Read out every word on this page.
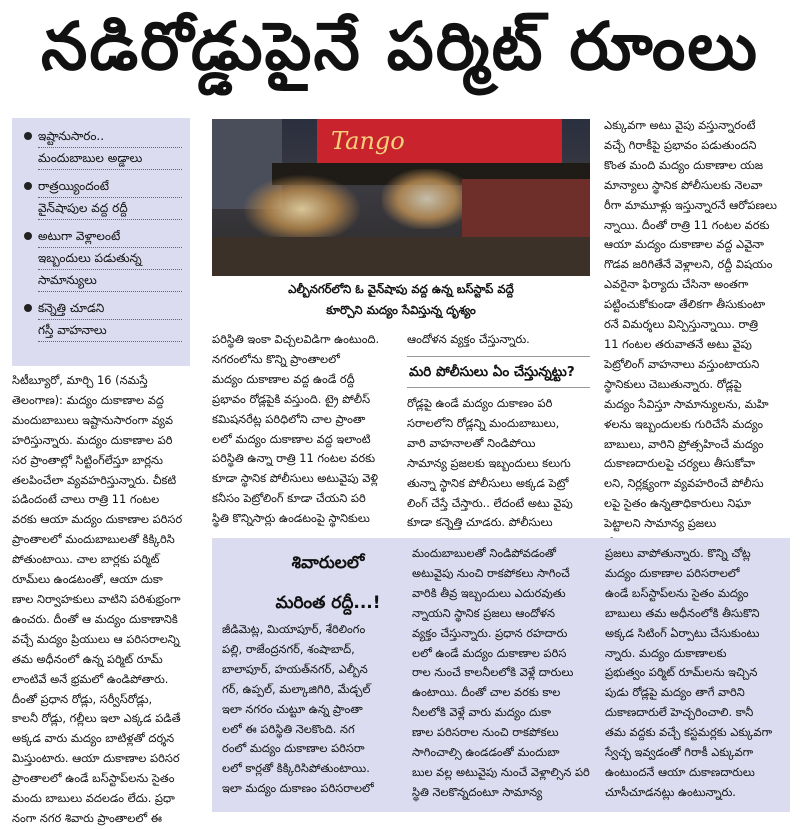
నడిరోడ్డుపైనే పర్మిట్‌ రూంలు
ఇష్టానుసారం..
మందుబాబుల అడ్డాలు
రాత్రయ్యిందంటే
వైన్‌షాపుల వద్ద రద్దీ
అటుగా వెళ్లాలంటే
ఇబ్బందులు పడుతున్న
సామాన్యులు
కన్నెత్తి చూడని
గస్తీ వాహనాలు
Tango
ఎల్బీనగర్‌లోని ఓ వైన్‌షాపు వద్ద ఉన్న బస్‌స్టాప్‌ వద్దే
కూర్చొని మద్యం సేవిస్తున్న దృశ్యం
సిటీబ్యూరో, మార్చి 16 (నమస్తే
తెలంగాణ): మద్యం దుకాణాల వద్ద
మందుబాబులు ఇష్టానుసారంగా వ్యవ
హరిస్తున్నారు. మద్యం దుకాణాల పరి
సర ప్రాంతాల్లో సిట్టింగ్‌లేస్తూ బార్లను
తలపించేలా వ్యవహరిస్తున్నారు. చీకటి
పడిందంటే చాలు రాత్రి 11 గంటల
వరకు ఆయా మద్యం దుకాణాల పరిసర
ప్రాంతాలలో మందుబాబులతో కిక్కిరిసి
పోతుంటాయి. చాల బార్లకు పర్మిట్‌
రూమ్‌లు ఉండటంతో, ఆయా దుకా
ణాల నిర్వాహకులు వాటిని పరిశుభ్రంగా
ఉంచరు. దీంతో ఆ మద్యం దుకాణానికి
వచ్చే మద్యం ప్రియులు ఆ పరిసరాలన్ని
తమ అధీనంలో ఉన్న పర్మిట్‌ రూమ్‌
లాంటివే అనే భ్రమలో ఉండిపోతారు.
దీంతో ప్రధాన రోడ్లు, సర్వీస్‌రోడ్లు,
కాలనీ రోడ్లు, గల్లీలు ఇలా ఎక్కడ పడితే
అక్కడ వారు మద్యం బాటిళ్లతో దర్శన
మిస్తుంటారు. ఆయా దుకాణాల పరిసర
ప్రాంతాలలో ఉండే బస్‌స్టాప్‌లను సైతం
మందు బాబులు వదలడం లేదు. ప్రధా
నంగా నగర శివారు ప్రాంతాలలో ఈ
పరిస్థితి ఇంకా విచ్చలవిడిగా ఉంటుంది.
నగరంలోను కొన్ని ప్రాంతాలలో
మద్యం దుకాణాల వద్ద ఉండే రద్దీ
ప్రభావం రోడ్లపైకి వస్తుంది. ట్రై పోలీస్‌
కమిషనరేట్ల పరిధిలోని చాల ప్రాంతా
లలో మద్యం దుకాణాల వద్ద ఇలాంటి
పరిస్థితి ఉన్నా రాత్రి 11 గంటల వరకు
కూడా స్థానిక పోలీసులు అటువైపు వెళ్లి
కనీసం పెట్రోలింగ్‌ కూడా చేయని పరి
స్థితి కొన్నిసార్లు ఉండటంపై స్థానికులు
ఆందోళన వ్యక్తం చేస్తున్నారు.
మరి పోలీసులు ఏం చేస్తున్నట్టు?
రోడ్లపై ఉండే మద్యం దుకాణం పరి
సరాలలోని రోడ్లన్ని మందుబాబులు,
వారి వాహనాలతో నిండిపోయి
సామాన్య ప్రజలకు ఇబ్బందులు కలుగు
తున్నా స్థానిక పోలీసులు అక్కడ పెట్రో
లింగ్‌ చేస్తే చేస్తారు.. లేదంటే అటు వైపు
కూడా కన్నెత్తి చూడరు. పోలీసులు
ఎక్కువగా అటు వైపు వస్తున్నారంటే
వచ్చే గిరాకీపై ప్రభావం పడుతుందని
కొంత మంది మద్యం దుకాణాల యజ
మాన్యాలు స్థానిక పోలీసులకు నెలవా
రీగా మామూళ్లు ఇస్తున్నారనే ఆరోపణలు
న్నాయి. దీంతో రాత్రి 11 గంటల వరకు
ఆయా మద్యం దుకాణాల వద్ద ఎవైనా
గొడవ జరిగితేనే వెళ్లాలని, రద్దీ విషయం
ఎవరైనా ఫిర్యాదు చేసినా అంతగా
పట్టించుకోకుండా తేలికగా తీసుకుంటా
రనే విమర్శలు విన్పిస్తున్నాయి. రాత్రి
11 గంటల తరువాతనే అటు వైపు
పెట్రోలింగ్‌ వాహనాలు వస్తుంటాయని
స్థానికులు చెబుతున్నారు. రోడ్లపై
మద్యం సేవిస్తూ సామాన్యులను, మహి
ళలను ఇబ్బందులకు గురిచేసే మద్యం
బాబులు, వారిని ప్రోత్సహించే మద్యం
దుకాణదారులపై చర్యలు తీసుకోవా
లని, నిర్లక్ష్యంగా వ్యవహరించే పోలీసు
లపై సైతం ఉన్నతాధికారులు నిఘా
పెట్టాలని సామాన్య ప్రజలు
శివారులలో
మరింత రద్దీ...!
జీడిమెట్ల, మియాపూర్‌, శేరిలింగం
పల్లి, రాజేంద్రనగర్‌, శంషాబాద్‌,
బాలాపూర్‌, హయత్‌నగర్‌, ఎల్బీన
గర్‌, ఉప్పల్‌, మల్కాజిగిరి, మేడ్చల్‌
ఇలా నగరం చుట్టూ ఉన్న ప్రాంతా
లలో ఈ పరిస్థితి నెలకొంది. నగ
రంలో మద్యం దుకాణాల పరిసరా
లలో కార్లతో కిక్కిరిసిపోతుంటాయి.
ఇలా మద్యం దుకాణం పరిసరాలలో
మందుబాబులతో నిండిపోవడంతో
అటువైపు నుంచి రాకపోకలు సాగించే
వారికి తీవ్ర ఇబ్బందులు ఎదురవుతు
న్నాయని స్థానిక ప్రజలు ఆందోళన
వ్యక్తం చేస్తున్నారు. ప్రధాన రహదారు
లలో ఉండే మద్యం దుకాణాల పరిస
రాల నుంచే కాలనీలలోకి వెళ్లే దారులు
ఉంటాయి. దీంతో చాల వరకు కాల
నీలలోకి వెళ్లే వారు మద్యం దుకా
ణాల పరిసరాల నుంచి రాకపోకలు
సాగించాల్సి ఉండడంతో మందుబా
బుల వల్ల అటువైపు నుంచే వెళ్లాల్సిన పరి
స్థితి నెలకొన్నదంటూ సామాన్య
ప్రజలు వాపోతున్నారు. కొన్ని చోట్ల
మద్యం దుకాణాల పరిసరాలలో
ఉండే బస్‌స్టాప్‌లను సైతం మద్యం
బాబులు తమ అధీనంలోకి తీసుకొని
అక్కడ సిటింగ్‌ ఏర్పాటు చేసుకుంటు
న్నారు. మద్యం దుకాణాలకు
ప్రభుత్వం పర్మిట్‌ రూమ్‌లను ఇచ్చిన
పుడు రోడ్లపై మద్యం తాగే వారిని
దుకాణదారులే హెచ్చరించాలి. కానీ
తమ వద్దకు వచ్చే కస్టమర్లకు ఎక్కువగా
స్వేచ్ఛ ఇవ్వడంతో గిరాకీ ఎక్కువగా
ఉంటుందనే ఆయా దుకాణదారులు
చూసీచూడనట్లు ఉంటున్నారు.
